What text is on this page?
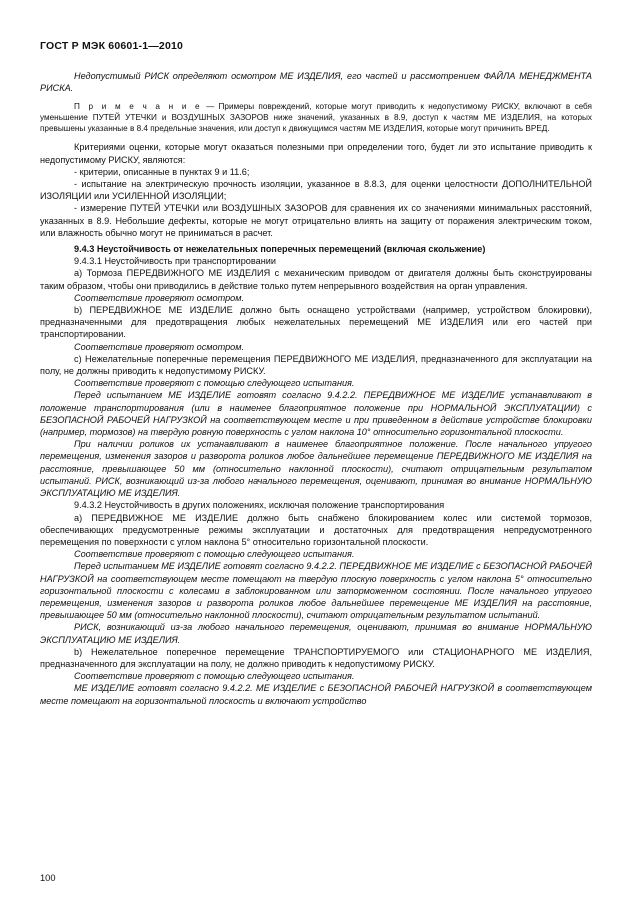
ГОСТ Р МЭК 60601-1—2010

Недопустимый РИСК определяют осмотром МЕ ИЗДЕЛИЯ, его частей и рассмотрением ФАЙЛА МЕНЕДЖМЕНТА РИСКА.

П р и м е ч а н и е — Примеры повреждений, которые могут приводить к недопустимому РИСКУ, включают в себя уменьшение ПУТЕЙ УТЕЧКИ и ВОЗДУШНЫХ ЗАЗОРОВ ниже значений, указанных в 8.9, доступ к частям МЕ ИЗДЕЛИЯ, на которых превышены указанные в 8.4 предельные значения, или доступ к движущимся частям МЕ ИЗДЕЛИЯ, которые могут причинить ВРЕД.

Критериями оценки, которые могут оказаться полезными при определении того, будет ли это испытание приводить к недопустимому РИСКУ, являются:

- критерии, описанные в пунктах 9 и 11.6;

- испытание на электрическую прочность изоляции, указанное в 8.8.3, для оценки целостности ДОПОЛНИТЕЛЬНОЙ ИЗОЛЯЦИИ или УСИЛЕННОЙ ИЗОЛЯЦИИ;

- измерение ПУТЕЙ УТЕЧКИ или ВОЗДУШНЫХ ЗАЗОРОВ для сравнения их со значениями минимальных расстояний, указанных в 8.9. Небольшие дефекты, которые не могут отрицательно влиять на защиту от поражения электрическим током, или влажность обычно могут не приниматься в расчет.

9.4.3 Неустойчивость от нежелательных поперечных перемещений (включая скольжение)

9.4.3.1 Неустойчивость при транспортировании

a) Тормоза ПЕРЕДВИЖНОГО МЕ ИЗДЕЛИЯ с механическим приводом от двигателя должны быть сконструированы таким образом, чтобы они приводились в действие только путем непрерывного воздействия на орган управления.

Соответствие проверяют осмотром.

b) ПЕРЕДВИЖНОЕ МЕ ИЗДЕЛИЕ должно быть оснащено устройствами (например, устройством блокировки), предназначенными для предотвращения любых нежелательных перемещений МЕ ИЗДЕЛИЯ или его частей при транспортировании.

Соответствие проверяют осмотром.

c) Нежелательные поперечные перемещения ПЕРЕДВИЖНОГО МЕ ИЗДЕЛИЯ, предназначенного для эксплуатации на полу, не должны приводить к недопустимому РИСКУ.

Соответствие проверяют с помощью следующего испытания.

Перед испытанием МЕ ИЗДЕЛИЕ готовят согласно 9.4.2.2. ПЕРЕДВИЖНОЕ МЕ ИЗДЕЛИЕ устанавливают в положение транспортирования (или в наименее благоприятное положение при НОРМАЛЬНОЙ ЭКСПЛУАТАЦИИ) с БЕЗОПАСНОЙ РАБОЧЕЙ НАГРУЗКОЙ на соответствующем месте и при приведенном в действие устройстве блокировки (например, тормозов) на твердую ровную поверхность с углом наклона 10° относительно горизонтальной плоскости.

При наличии роликов их устанавливают в наименее благоприятное положение. После начального упругого перемещения, изменения зазоров и разворота роликов любое дальнейшее перемещение ПЕРЕДВИЖНОГО МЕ ИЗДЕЛИЯ на расстояние, превышающее 50 мм (относительно наклонной плоскости), считают отрицательным результатом испытаний. РИСК, возникающий из-за любого начального перемещения, оценивают, принимая во внимание НОРМАЛЬНУЮ ЭКСПЛУАТАЦИЮ МЕ ИЗДЕЛИЯ.

9.4.3.2 Неустойчивость в других положениях, исключая положение транспортирования

a) ПЕРЕДВИЖНОЕ МЕ ИЗДЕЛИЕ должно быть снабжено блокированием колес или системой тормозов, обеспечивающих предусмотренные режимы эксплуатации и достаточных для предотвращения непредусмотренного перемещения по поверхности с углом наклона 5° относительно горизонтальной плоскости.

Соответствие проверяют с помощью следующего испытания.

Перед испытанием МЕ ИЗДЕЛИЕ готовят согласно 9.4.2.2. ПЕРЕДВИЖНОЕ МЕ ИЗДЕЛИЕ с БЕЗОПАСНОЙ РАБОЧЕЙ НАГРУЗКОЙ на соответствующем месте помещают на твердую плоскую поверхность с углом наклона 5° относительно горизонтальной плоскости с колесами в заблокированном или заторможенном состоянии. После начального упругого перемещения, изменения зазоров и разворота роликов любое дальнейшее перемещение МЕ ИЗДЕЛИЯ на расстояние, превышающее 50 мм (относительно наклонной плоскости), считают отрицательным результатом испытаний.

РИСК, возникающий из-за любого начального перемещения, оценивают, принимая во внимание НОРМАЛЬНУЮ ЭКСПЛУАТАЦИЮ МЕ ИЗДЕЛИЯ.

b) Нежелательное поперечное перемещение ТРАНСПОРТИРУЕМОГО или СТАЦИОНАРНОГО МЕ ИЗДЕЛИЯ, предназначенного для эксплуатации на полу, не должно приводить к недопустимому РИСКУ.

Соответствие проверяют с помощью следующего испытания.

МЕ ИЗДЕЛИЕ готовят согласно 9.4.2.2. МЕ ИЗДЕЛИЕ с БЕЗОПАСНОЙ РАБОЧЕЙ НАГРУЗКОЙ в соответствующем месте помещают на горизонтальной плоскость и включают устройство

100
